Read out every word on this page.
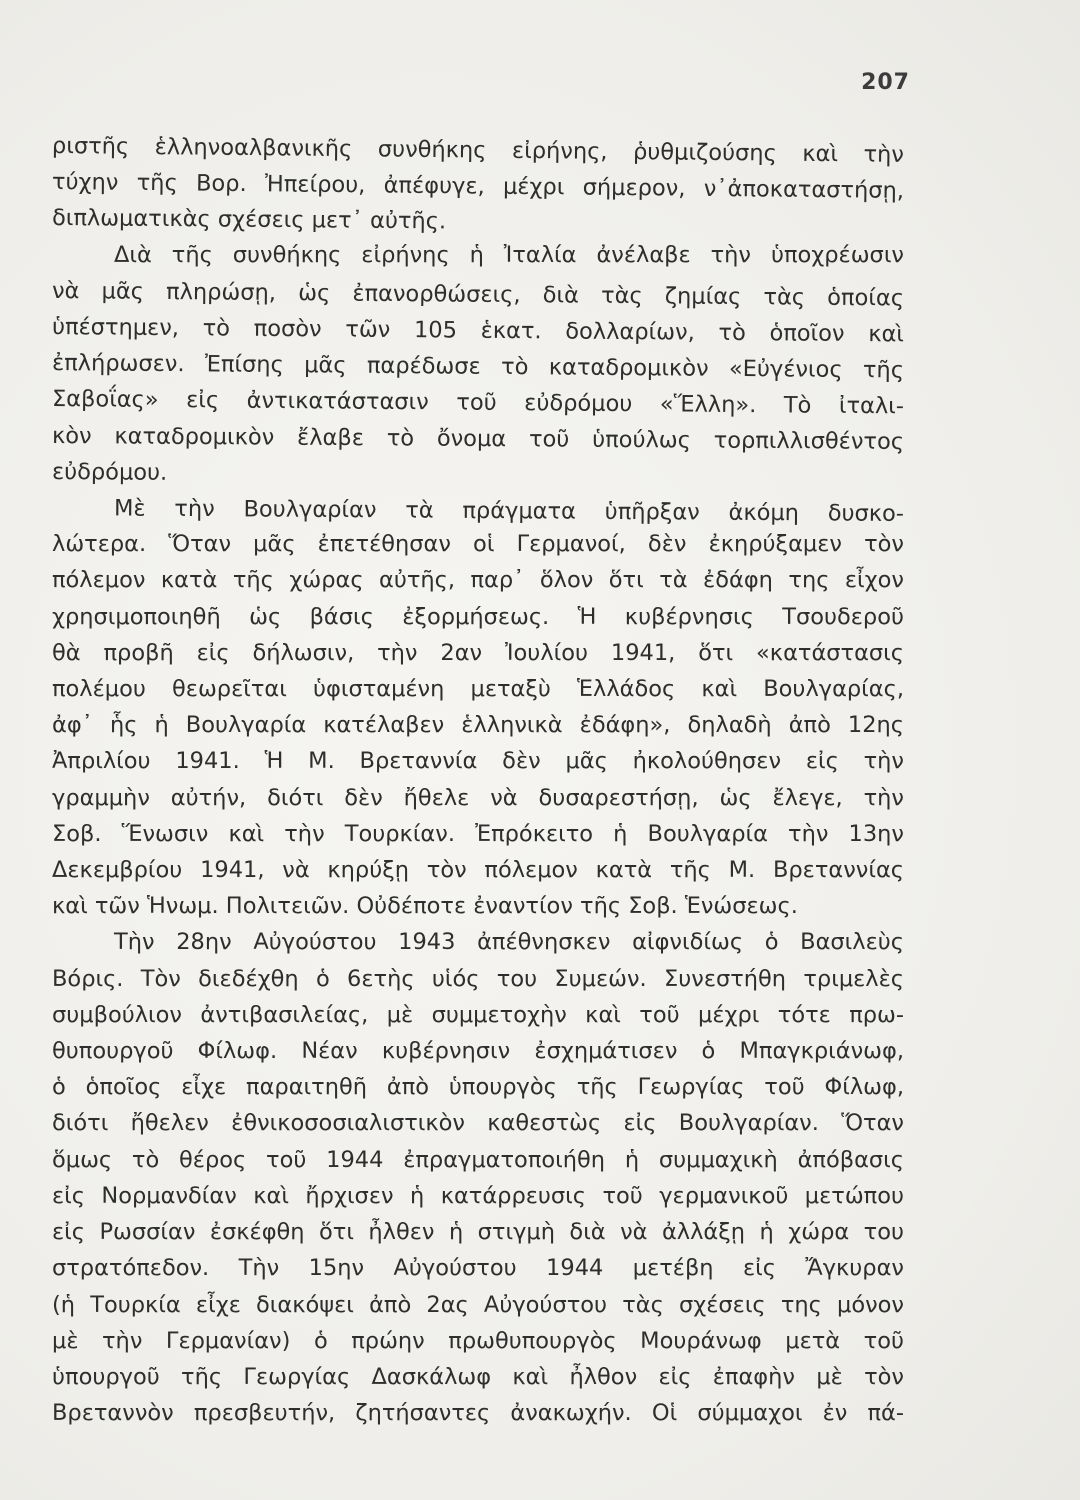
207

ριστῆς ἑλληνοαλβανικῆς συνθήκης εἰρήνης, ῥυθμιζούσης καὶ τὴν

τύχην τῆς Βορ. Ἠπείρου, ἀπέφυγε, μέχρι σήμερον, ν᾽ἀποκαταστήσῃ,

διπλωματικὰς σχέσεις μετ᾽ αὐτῆς.

Διὰ τῆς συνθήκης εἰρήνης ἡ Ἰταλία ἀνέλαβε τὴν ὑποχρέωσιν

νὰ μᾶς πληρώσῃ, ὡς ἐπανορθώσεις, διὰ τὰς ζημίας τὰς ὁποίας

ὑπέστημεν, τὸ ποσὸν τῶν 105 ἑκατ. δολλαρίων, τὸ ὁποῖον καὶ

ἐπλήρωσεν. Ἐπίσης μᾶς παρέδωσε τὸ καταδρομικὸν «Εὐγένιος τῆς

Σαβοΐας» εἰς ἀντικατάστασιν τοῦ εὐδρόμου «Ἕλλη». Τὸ ἰταλι-

κὸν καταδρομικὸν ἔλαβε τὸ ὄνομα τοῦ ὑπούλως τορπιλλισθέντος

εὐδρόμου.

Μὲ τὴν Βουλγαρίαν τὰ πράγματα ὑπῆρξαν ἀκόμη δυσκο-

λώτερα. Ὅταν μᾶς ἐπετέθησαν οἱ Γερμανοί, δὲν ἐκηρύξαμεν τὸν

πόλεμον κατὰ τῆς χώρας αὐτῆς, παρ᾽ ὅλον ὅτι τὰ ἐδάφη της εἶχον

χρησιμοποιηθῆ ὡς βάσις ἐξορμήσεως. Ἡ κυβέρνησις Τσουδεροῦ

θὰ προβῆ εἰς δήλωσιν, τὴν 2αν Ἰουλίου 1941, ὅτι «κατάστασις

πολέμου θεωρεῖται ὑφισταμένη μεταξὺ Ἑλλάδος καὶ Βουλγαρίας,

ἀφ᾽ ἧς ἡ Βουλγαρία κατέλαβεν ἑλληνικὰ ἐδάφη», δηλαδὴ ἀπὸ 12ης

Ἀπριλίου 1941. Ἡ Μ. Βρεταννία δὲν μᾶς ἠκολούθησεν εἰς τὴν

γραμμὴν αὐτήν, διότι δὲν ἤθελε νὰ δυσαρεστήσῃ, ὡς ἔλεγε, τὴν

Σοβ. Ἕνωσιν καὶ τὴν Τουρκίαν. Ἐπρόκειτο ἡ Βουλγαρία τὴν 13ην

Δεκεμβρίου 1941, νὰ κηρύξῃ τὸν πόλεμον κατὰ τῆς Μ. Βρεταννίας

καὶ τῶν Ἡνωμ. Πολιτειῶν. Οὐδέποτε ἐναντίον τῆς Σοβ. Ἑνώσεως.

Τὴν 28ην Αὐγούστου 1943 ἀπέθνησκεν αἰφνιδίως ὁ Βασιλεὺς

Βόρις. Τὸν διεδέχθη ὁ 6ετὴς υἱός του Συμεών. Συνεστήθη τριμελὲς

συμβούλιον ἀντιβασιλείας, μὲ συμμετοχὴν καὶ τοῦ μέχρι τότε πρω-

θυπουργοῦ Φίλωφ. Νέαν κυβέρνησιν ἐσχημάτισεν ὁ Μπαγκριάνωφ,

ὁ ὁποῖος εἶχε παραιτηθῆ ἀπὸ ὑπουργὸς τῆς Γεωργίας τοῦ Φίλωφ,

διότι ἤθελεν ἐθνικοσοσιαλιστικὸν καθεστὼς εἰς Βουλγαρίαν. Ὅταν

ὅμως τὸ θέρος τοῦ 1944 ἐπραγματοποιήθη ἡ συμμαχικὴ ἀπόβασις

εἰς Νορμανδίαν καὶ ἤρχισεν ἡ κατάρρευσις τοῦ γερμανικοῦ μετώπου

εἰς Ρωσσίαν ἐσκέφθη ὅτι ἦλθεν ἡ στιγμὴ διὰ νὰ ἀλλάξῃ ἡ χώρα του

στρατόπεδον. Τὴν 15ην Αὐγούστου 1944 μετέβη εἰς Ἄγκυραν

(ἡ Τουρκία εἶχε διακόψει ἀπὸ 2ας Αὐγούστου τὰς σχέσεις της μόνον

μὲ τὴν Γερμανίαν) ὁ πρώην πρωθυπουργὸς Μουράνωφ μετὰ τοῦ

ὑπουργοῦ τῆς Γεωργίας Δασκάλωφ καὶ ἦλθον εἰς ἐπαφὴν μὲ τὸν

Βρεταννὸν πρεσβευτήν, ζητήσαντες ἀνακωχήν. Οἱ σύμμαχοι ἐν πά-
